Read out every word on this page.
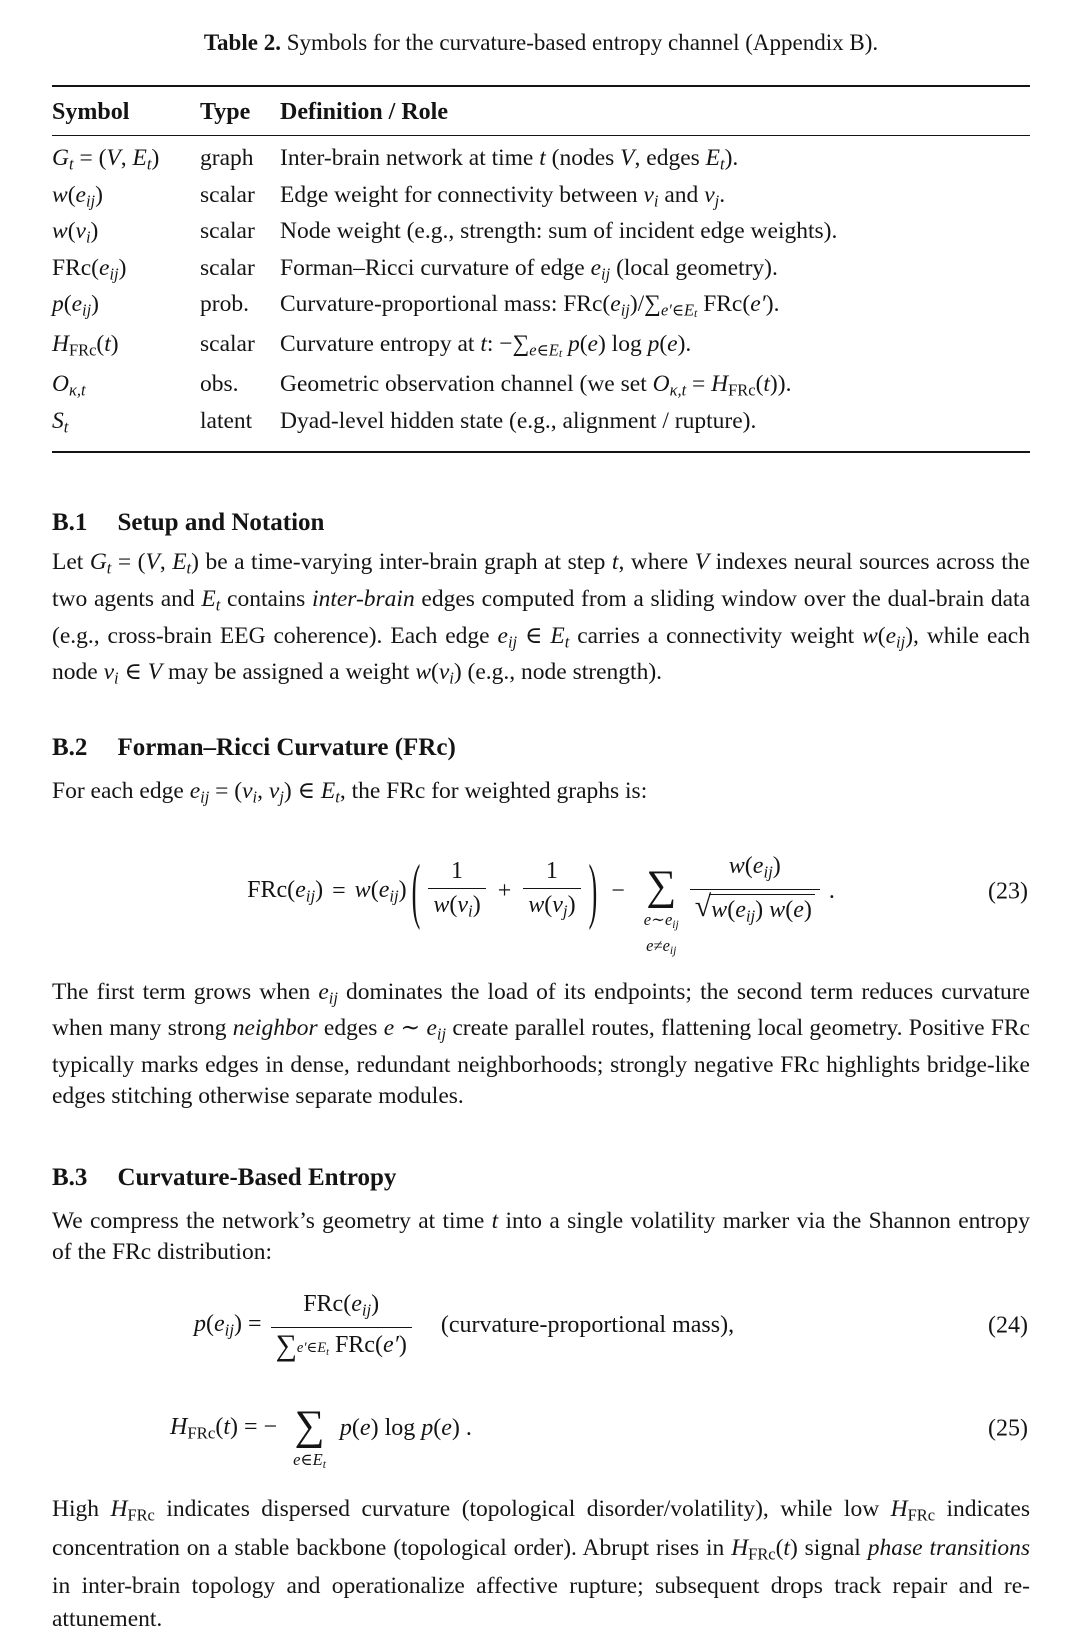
Table 2. Symbols for the curvature-based entropy channel (Appendix B).

Symbol	Type	Definition / Role
Gt = (V, Et)	graph	Inter-brain network at time t (nodes V, edges Et).
w(eij)	scalar	Edge weight for connectivity between vi and vj.
w(vi)	scalar	Node weight (e.g., strength: sum of incident edge weights).
FRc(eij)	scalar	Forman–Ricci curvature of edge eij (local geometry).
p(eij)	prob.	Curvature-proportional mass: $FRc(eij)/\sum e'\in E_t$ FRc(e′).
HFRc(t)	scalar	Curvature entropy at t: $-\sum e\in E_t$ p(e) log p(e).
Oκ,t	obs.	Geometric observation channel (we set Oκ,t = HFRc(t)).
St	latent	Dyad-level hidden state (e.g., alignment / rupture).
B.1 Setup and Notation

Let Gt = (V, Et) be a time-varying inter-brain graph at step t, where V indexes neural sources across the two agents and Et contains inter-brain edges computed from a sliding window over the dual-brain data (e.g., cross-brain EEG coherence). Each edge eij ∈ Et carries a connectivity weight w(eij), while each node vi ∈ V may be assigned a weight w(vi) (e.g., node strength).

B.2 Forman–Ricci Curvature (FRc)

For each edge eij = (vi, vj) ∈ Et, the FRc for weighted graphs is:

FRc(eij) = w(eij) ( $\frac{1}{w(vi)} + \frac{1}{w(vj)}$ ) − ∑
e∼eij
e≠eij
$\frac{\text{w(eij)}}{\text{√ w(eij) w(e)}}$ .	(23)

The first term grows when eij dominates the load of its endpoints; the second term reduces curvature when many strong neighbor edges e ∼ eij create parallel routes, flattening local geometry. Positive FRc typically marks edges in dense, redundant neighborhoods; strongly negative FRc highlights bridge-like edges stitching otherwise separate modules.

B.3 Curvature-Based Entropy

We compress the network’s geometry at time t into a single volatility marker via the Shannon entropy of the FRc distribution:

$p(eij) = \frac{\text{FRc(eij)}}{\text{∑ e′∈Et FRc(e′)}}$ (curvature-proportional mass),	(24)
HFRc(t) = − ∑
e∈Et
p(e) log p(e) .	(25)

High HFRc indicates dispersed curvature (topological disorder/volatility), while low HFRc indicates concentration on a stable backbone (topological order). Abrupt rises in HFRc(t) signal phase transitions in inter-brain topology and operationalize affective rupture; subsequent drops track repair and re-attunement.
